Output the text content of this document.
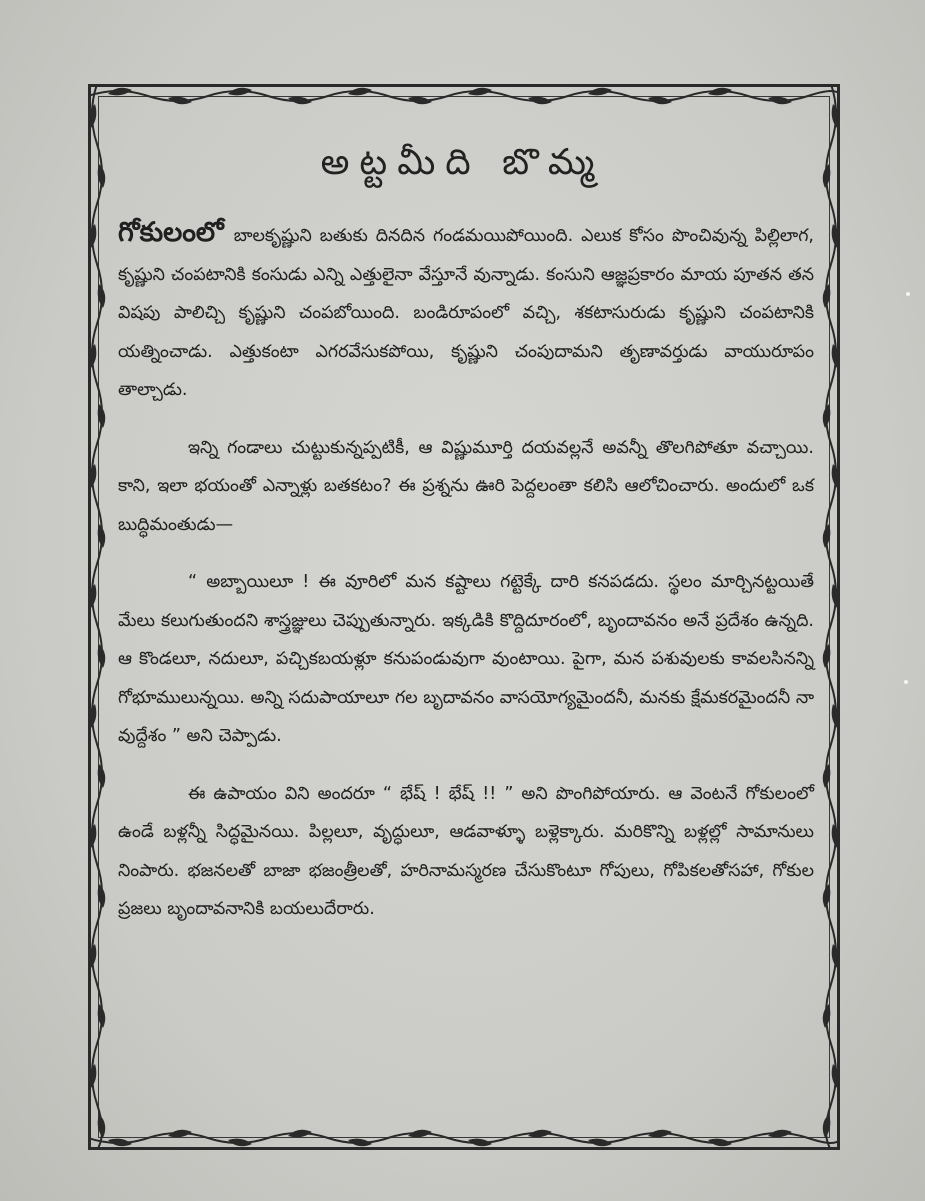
అట్టమీది బొమ్మ

గోకులంలో బాలకృష్ణుని బతుకు దినదిన గండమయిపోయింది. ఎలుక కోసం పొంచివున్న పిల్లిలాగ, కృష్ణుని చంపటానికి కంసుడు ఎన్ని ఎత్తులైనా వేస్తూనే వున్నాడు. కంసుని ఆజ్ఞప్రకారం మాయ పూతన తన విషపు పాలిచ్చి కృష్ణుని చంపబోయింది. బండిరూపంలో వచ్చి, శకటాసురుడు కృష్ణుని చంపటానికి యత్నించాడు. ఎత్తుకంటా ఎగరవేసుకపోయి, కృష్ణుని చంపుదామని తృణావర్తుడు వాయురూపం తాల్చాడు.

ఇన్ని గండాలు చుట్టుకున్నప్పటికీ, ఆ విష్ణుమూర్తి దయవల్లనే అవన్నీ తొలగిపోతూ వచ్చాయి. కాని, ఇలా భయంతో ఎన్నాళ్లు బతకటం? ఈ ప్రశ్నను ఊరి పెద్దలంతా కలిసి ఆలోచించారు. అందులో ఒక బుద్ధిమంతుడు—

“ అబ్బాయిలూ ! ఈ వూరిలో మన కష్టాలు గట్టెక్కే దారి కనపడదు. స్థలం మార్చినట్టయితే మేలు కలుగుతుందని శాస్త్రజ్ఞులు చెప్పుతున్నారు. ఇక్కడికి కొద్దిదూరంలో, బృందావనం అనే ప్రదేశం ఉన్నది. ఆ కొండలూ, నదులూ, పచ్చికబయళ్లూ కనుపండువుగా వుంటాయి. పైగా, మన పశువులకు కావలసినన్ని గోభూములున్నయి. అన్ని సదుపాయాలూ గల బృదావనం వాసయోగ్యమైందనీ, మనకు క్షేమకరమైందనీ నా వుద్దేశం ” అని చెప్పాడు.

ఈ ఉపాయం విని అందరూ “ భేష్ ! భేష్ !! ” అని పొంగిపోయారు. ఆ వెంటనే గోకులంలో ఉండే బళ్లన్నీ సిద్ధమైనయి. పిల్లలూ, వృద్ధులూ, ఆడవాళ్ళూ బళ్లెక్కారు. మరికొన్ని బళ్లల్లో సామానులు నింపారు. భజనలతో బాజా భజంత్రీలతో, హరినామస్మరణ చేసుకొంటూ గోపులు, గోపికలతోసహా, గోకుల ప్రజలు బృందావనానికి బయలుదేరారు.
